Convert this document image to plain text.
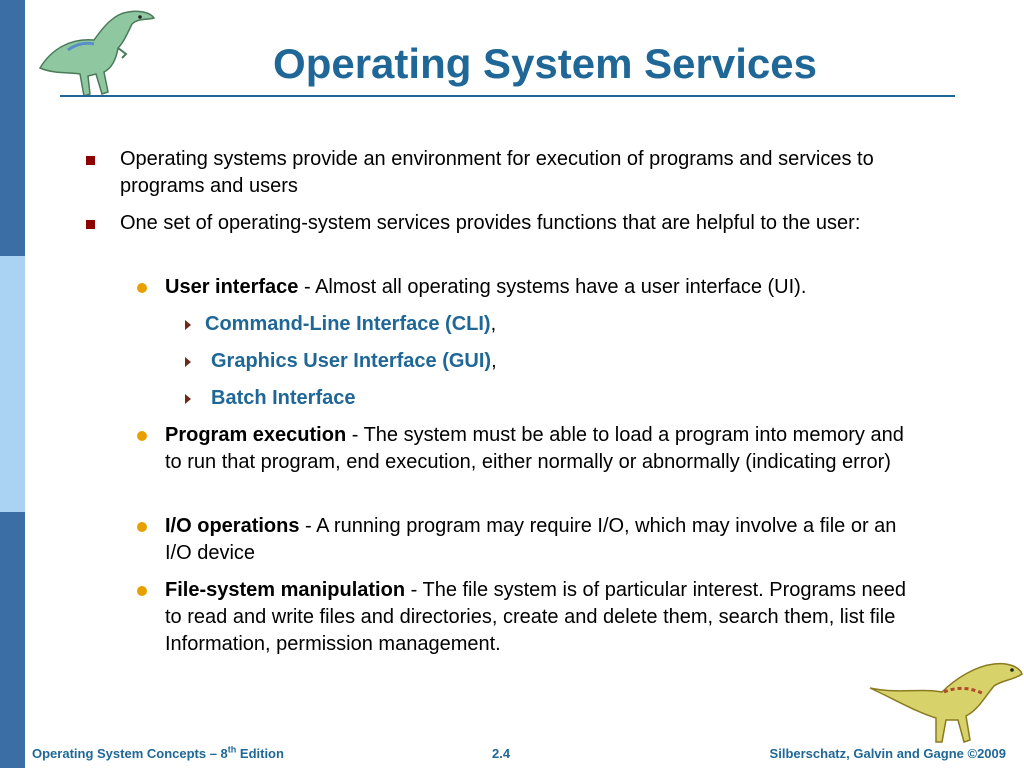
Operating System Services
Operating systems provide an environment for execution of programs and services to programs and users
One set of operating-system services provides functions that are helpful to the user:
User interface - Almost all operating systems have a user interface (UI).
Command-Line Interface (CLI),
Graphics User Interface (GUI),
Batch Interface
Program execution - The system must be able to load a program into memory and to run that program, end execution, either normally or abnormally (indicating error)
I/O operations - A running program may require I/O, which may involve a file or an I/O device
File-system manipulation - The file system is of particular interest. Programs need to read and write files and directories, create and delete them, search them, list file Information, permission management.
Operating System Concepts – 8th Edition	2.4	Silberschatz, Galvin and Gagne ©2009
